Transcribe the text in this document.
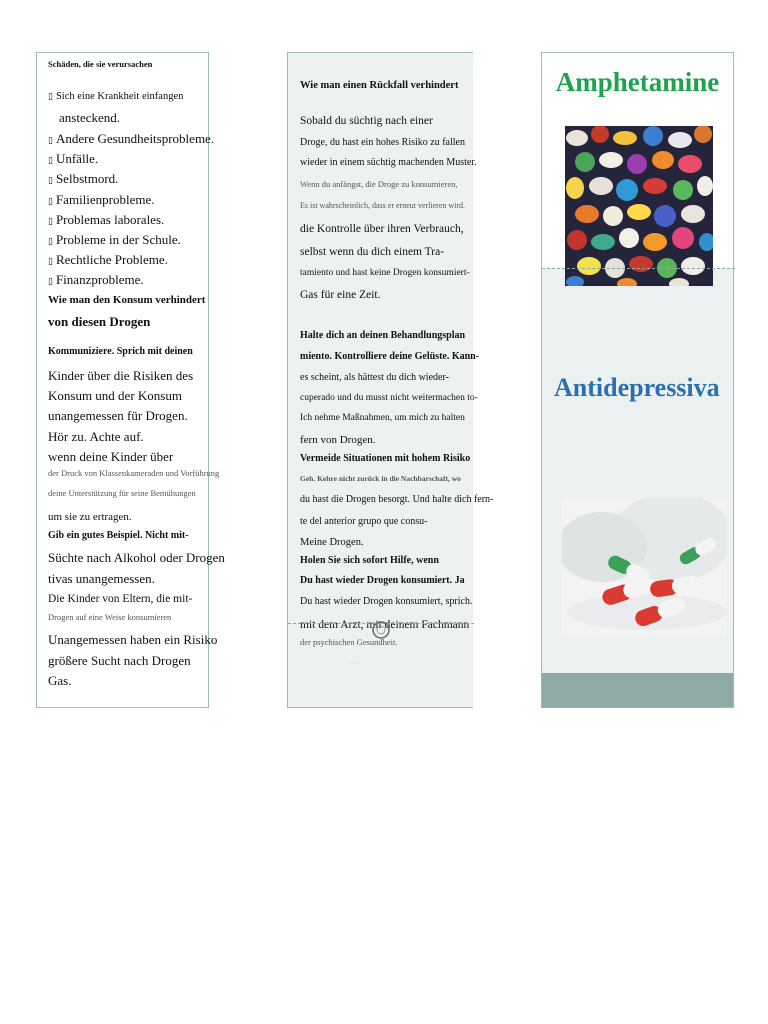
Schäden, die sie verursachen
▯ Sich eine Krankheit einfangen
ansteckend.
▯ Andere Gesundheitsprobleme.
▯ Unfälle.
▯ Selbstmord.
▯ Familienprobleme.
▯ Problemas laborales.
▯ Probleme in der Schule.
▯ Rechtliche Probleme.
▯ Finanzprobleme.
Wie man den Konsum verhindert
von diesen Drogen
Kommuniziere. Sprich mit deinen
Kinder über die Risiken des
Konsum und der Konsum
unangemessen für Drogen.
Hör zu. Achte auf.
wenn deine Kinder über
der Druck von Klassenkameraden und Vorführung
deine Unterstützung für seine Bemühungen
um sie zu ertragen.
Gib ein gutes Beispiel. Nicht mit-
Süchte nach Alkohol oder Drogen
tivas unangemessen.
Die Kinder von Eltern, die mit-
Drogen auf eine Weise konsumieren
Unangemessen haben ein Risiko
größere Sucht nach Drogen
Gas.
Wie man einen Rückfall verhindert
Sobald du süchtig nach einer
Droge, du hast ein hohes Risiko zu fallen
wieder in einem süchtig machenden Muster.
Wenn du anfängst, die Droge zu konsumieren,
Es ist wahrscheinlich, dass er erneut verlieren wird.
die Kontrolle über ihren Verbrauch,
selbst wenn du dich einem Tra-
tamiento und hast keine Drogen konsumiert-
Gas für eine Zeit.
Halte dich an deinen Behandlungsplan
miento. Kontrolliere deine Gelüste. Kann-
es scheint, als hättest du dich wieder-
cuperado und du musst nicht weitermachen to-
Ich nehme Maßnahmen, um mich zu halten
fern von Drogen.
Vermeide Situationen mit hohem Risiko
Geh. Kehre nicht zurück in die Nachbarschaft, wo
du hast die Drogen besorgt. Und halte dich fern-
te del anterior grupo que consu-
Meine Drogen.
Holen Sie sich sofort Hilfe, wenn
Du hast wieder Drogen konsumiert. Ja
Du hast wieder Drogen konsumiert, sprich.
mit dem Arzt, mit deinem Fachmann
der psychischen Gesundheit.
· · ·
Amphetamine
Antidepressiva
